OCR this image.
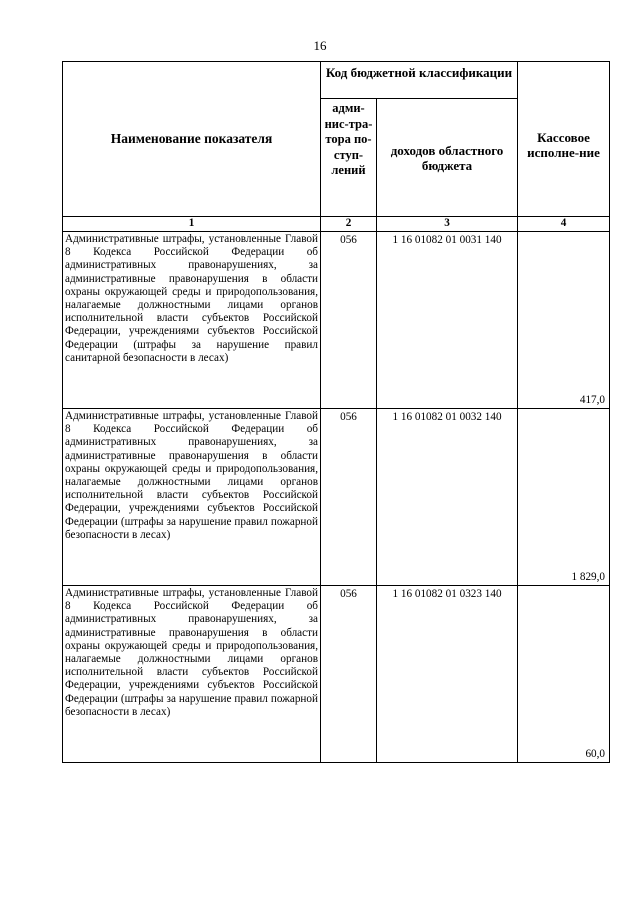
16
Наименование показателя	Код бюджетной классификации		Кассовое исполне-ние
	адми-нис-тра-тора по-ступ-лений	доходов областного бюджета	
1	2	3	4
Административные штрафы, установленные Главой 8 Кодекса Российской Федерации об административных правонарушениях, за административные правонарушения в области охраны окружающей среды и природопользования, налагаемые должностными лицами органов исполнительной власти субъектов Российской Федерации, учреждениями субъектов Российской Федерации (штрафы за нарушение правил санитарной безопасности в лесах)	056	1 16 01082 01 0031 140	417,0
Административные штрафы, установленные Главой 8 Кодекса Российской Федерации об административных правонарушениях, за административные правонарушения в области охраны окружающей среды и природопользования, налагаемые должностными лицами органов исполнительной власти субъектов Российской Федерации, учреждениями субъектов Российской Федерации (штрафы за нарушение правил пожарной безопасности в лесах)	056	1 16 01082 01 0032 140	1 829,0
Административные штрафы, установленные Главой 8 Кодекса Российской Федерации об административных правонарушениях, за административные правонарушения в области охраны окружающей среды и природопользования, налагаемые должностными лицами органов исполнительной власти субъектов Российской Федерации, учреждениями субъектов Российской Федерации (штрафы за нарушение правил пожарной безопасности в лесах)	056	1 16 01082 01 0323 140	60,0
